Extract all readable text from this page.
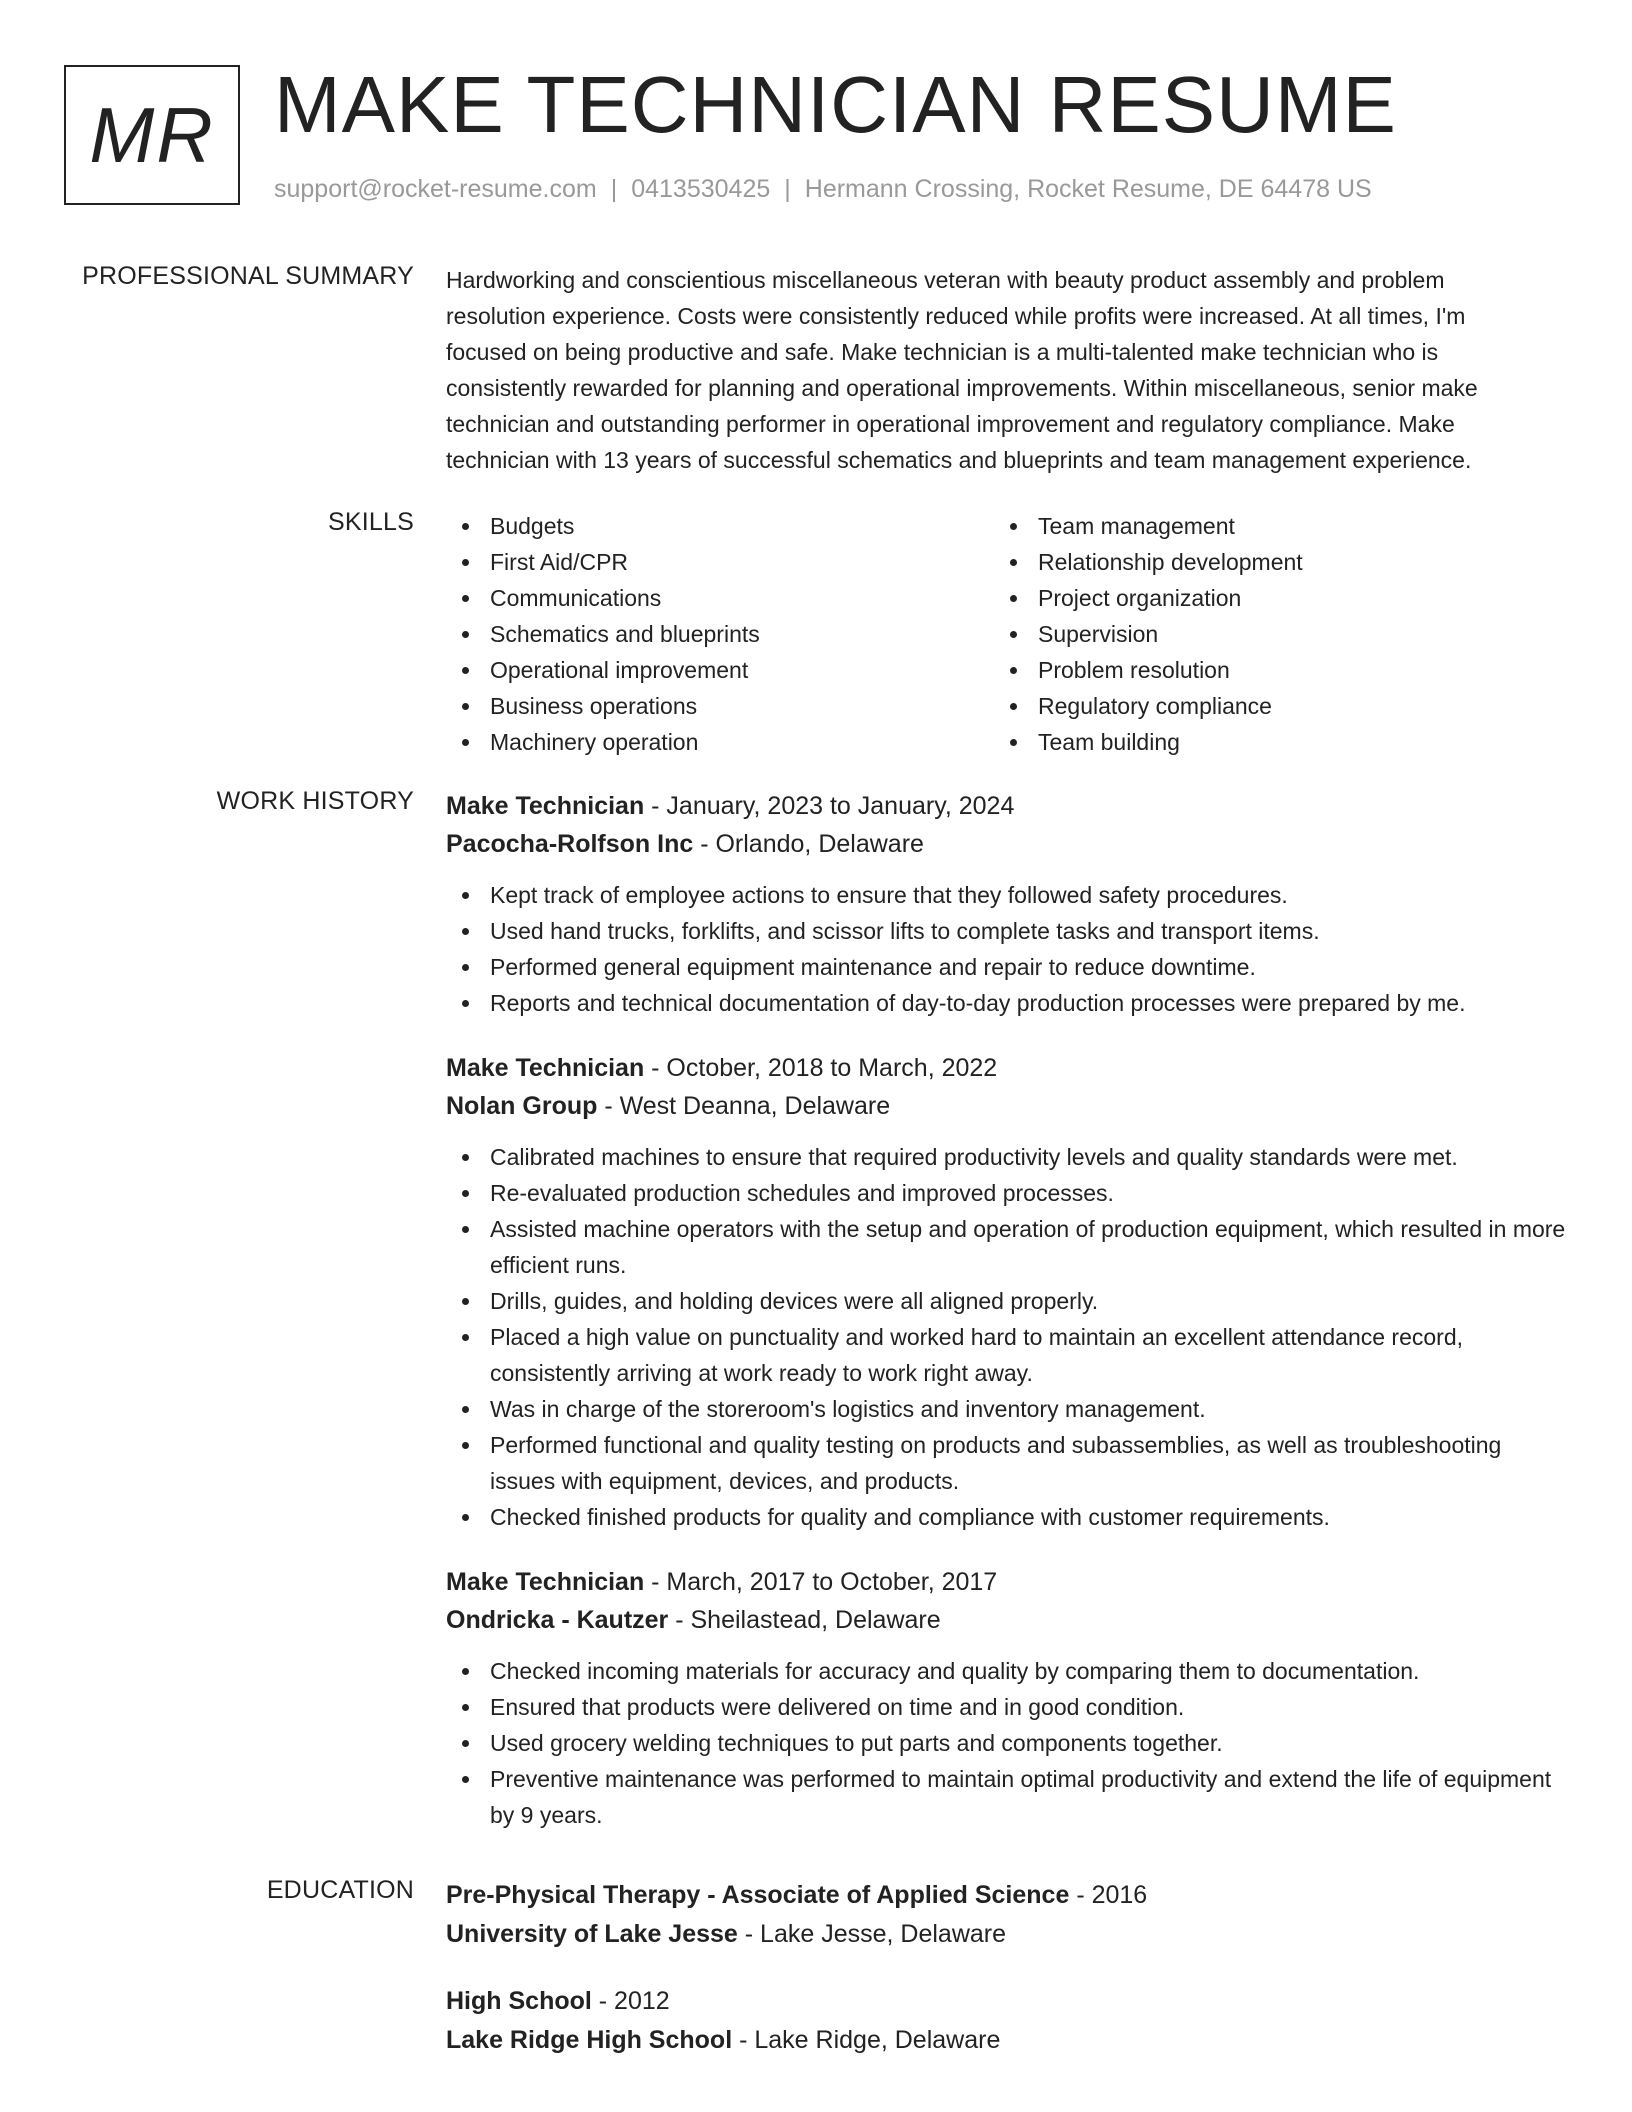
MR MAKE TECHNICIAN RESUME
support@rocket-resume.com | 0413530425 | Hermann Crossing, Rocket Resume, DE 64478 US
PROFESSIONAL SUMMARY Hardworking and conscientious miscellaneous veteran with beauty product assembly and problem

resolution experience. Costs were consistently reduced while profits were increased. At all times, I'm

focused on being productive and safe. Make technician is a multi-talented make technician who is

consistently rewarded for planning and operational improvements. Within miscellaneous, senior make

technician and outstanding performer in operational improvement and regulatory compliance. Make

technician with 13 years of successful schematics and blueprints and team management experience.

SKILLS	Budgets
First Aid/CPR
Communications
Schematics and blueprints
Operational improvement
Business operations
Machinery operation
Team management
Relationship development
Project organization
Supervision
Problem resolution
Regulatory compliance
Team building
WORK HISTORY Make Technician - January, 2023 to January, 2024
Pacocha-Rolfson Inc - Orlando, Delaware
Kept track of employee actions to ensure that they followed safety procedures.
Used hand trucks, forklifts, and scissor lifts to complete tasks and transport items.
Performed general equipment maintenance and repair to reduce downtime.
Reports and technical documentation of day-to-day production processes were prepared by me.
Make Technician - October, 2018 to March, 2022
Nolan Group - West Deanna, Delaware
Calibrated machines to ensure that required productivity levels and quality standards were met.
Re-evaluated production schedules and improved processes.
Assisted machine operators with the setup and operation of production equipment, which resulted in more efficient runs.
Drills, guides, and holding devices were all aligned properly.
Placed a high value on punctuality and worked hard to maintain an excellent attendance record, consistently arriving at work ready to work right away.
Was in charge of the storeroom's logistics and inventory management.
Performed functional and quality testing on products and subassemblies, as well as troubleshooting issues with equipment, devices, and products.
Checked finished products for quality and compliance with customer requirements.
Make Technician - March, 2017 to October, 2017
Ondricka - Kautzer - Sheilastead, Delaware
Checked incoming materials for accuracy and quality by comparing them to documentation.
Ensured that products were delivered on time and in good condition.
Used grocery welding techniques to put parts and components together.
Preventive maintenance was performed to maintain optimal productivity and extend the life of equipment by 9 years.
EDUCATION Pre-Physical Therapy - Associate of Applied Science - 2016
University of Lake Jesse - Lake Jesse, Delaware
High School - 2012
Lake Ridge High School - Lake Ridge, Delaware
